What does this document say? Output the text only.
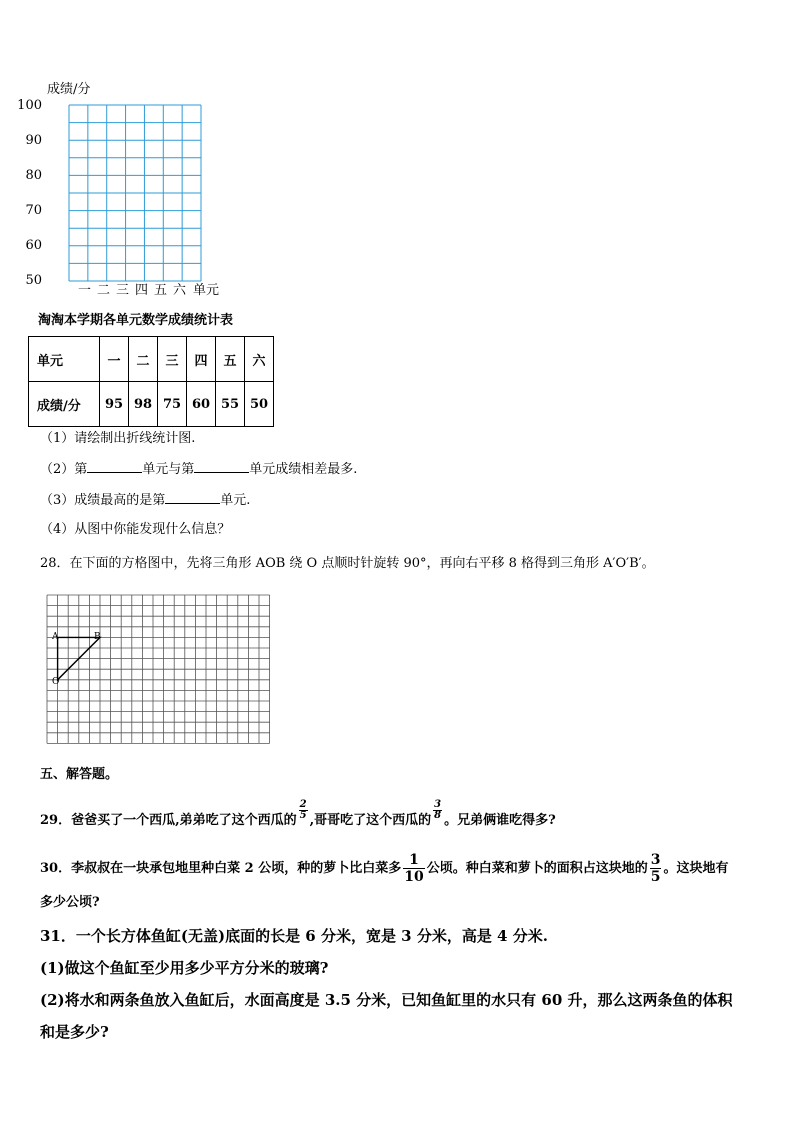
成绩/分
100
90
80
70
60
50
一 二 三 四 五 六 单元
淘淘本学期各单元数学成绩统计表
单元	一	二	三	四	五	六
成绩/分	95	98	75	60	55	50
（1）请绘制出折线统计图.
（2）第	单元与第	单元成绩相差最多.
（3）成绩最高的是第	单元.
（4）从图中你能发现什么信息？
28．在下面的方格图中，先将三角形 AOB 绕 O 点顺时针旋转 90°，再向右平移 8 格得到三角形 A′O′B′。
A	B
O
五、解答题。
29．爸爸买了一个西瓜,弟弟吃了这个西瓜的 $\frac{2}{5}$ ,哥哥吃了这个西瓜的 $\frac{3}{8}$ 。兄弟俩谁吃得多?
30．李叔叔在一块承包地里种白菜 2 公顷，种的萝卜比白菜多 $\frac{1}{10}$ 公顷。种白菜和萝卜的面积占这块地的 $\frac{3}{5}$ 。这块地有
多少公顷?
31．一个长方体鱼缸(无盖)底面的长是 6 分米，宽是 3 分米，高是 4 分米.
(1)做这个鱼缸至少用多少平方分米的玻璃?
(2)将水和两条鱼放入鱼缸后，水面高度是 3.5 分米，已知鱼缸里的水只有 60 升，那么这两条鱼的体积
和是多少?
